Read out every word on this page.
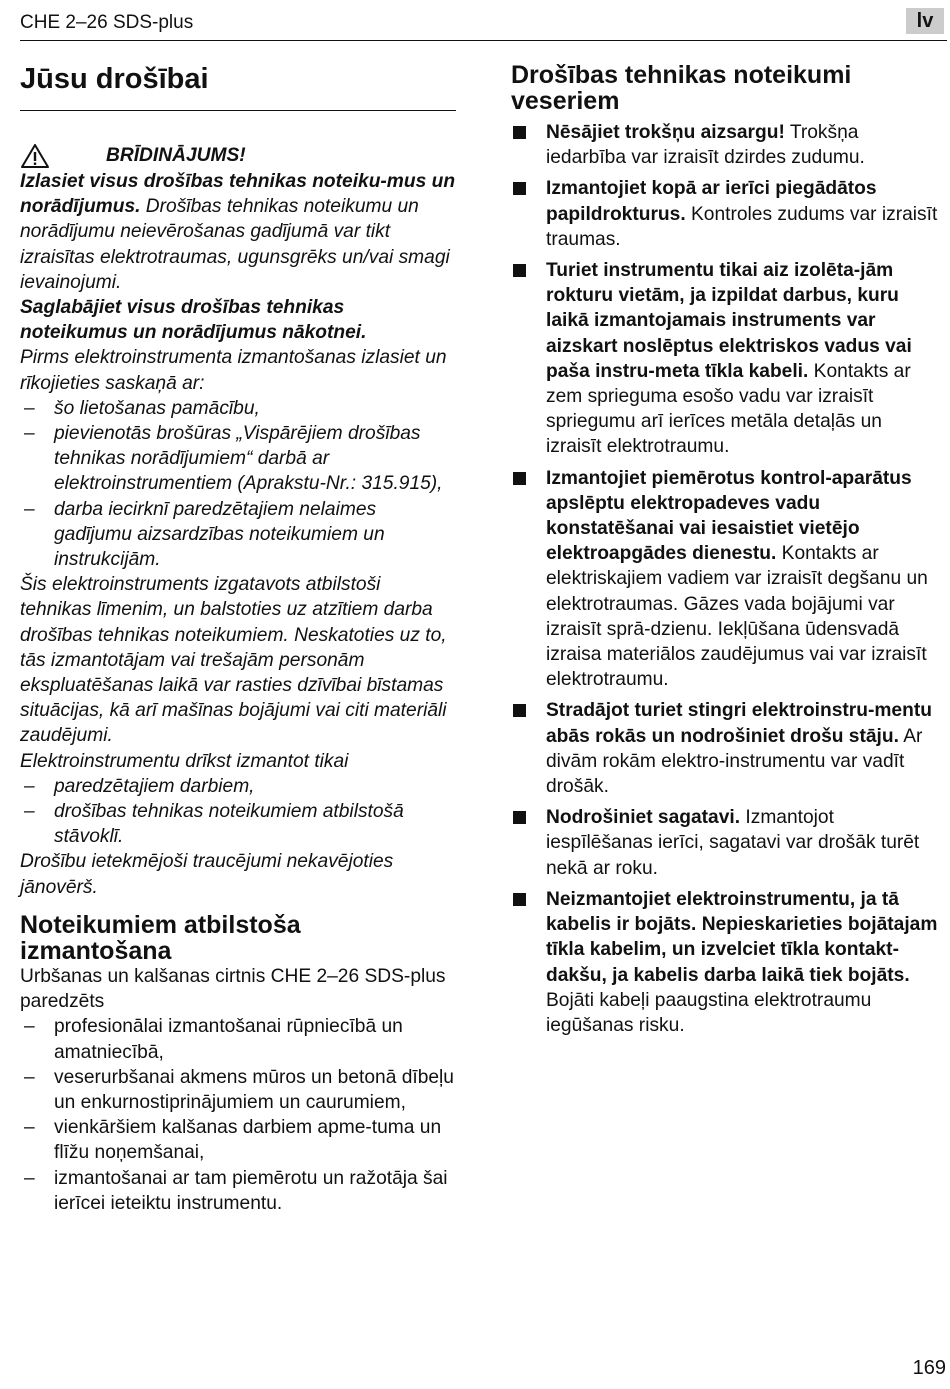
CHE 2–26 SDS-plus	lv
Jūsu drošībai
BRĪDINĀJUMS!

Izlasiet visus drošības tehnikas noteiku-mus un norādījumus. Drošības tehnikas noteikumu un norādījumu neievērošanas gadījumā var tikt izraisītas elektrotraumas, ugunsgrēks un/vai smagi ievainojumi.

Saglabājiet visus drošības tehnikas noteikumus un norādījumus nākotnei.

Pirms elektroinstrumenta izmantošanas izlasiet un rīkojieties saskaņā ar:

– šo lietošanas pamācību,
– pievienotās brošūras „Vispārējiem drošības tehnikas norādījumiem“ darbā ar elektroinstrumentiem (Aprakstu-Nr.: 315.915),
– darba iecirknī paredzētajiem nelaimes gadījumu aizsardzības noteikumiem un instrukcijām.

Šis elektroinstruments izgatavots atbilstoši tehnikas līmenim, un balstoties uz atzītiem darba drošības tehnikas noteikumiem. Neskatoties uz to, tās izmantotājam vai trešajām personām ekspluatēšanas laikā var rasties dzīvībai bīstamas situācijas, kā arī mašīnas bojājumi vai citi materiāli zaudējumi.

Elektroinstrumentu drīkst izmantot tikai

– paredzētajiem darbiem,
– drošības tehnikas noteikumiem atbilstošā stāvoklī.

Drošību ietekmējoši traucējumi nekavējoties jānovērš.

Noteikumiem atbilstoša izmantošana

Urbšanas un kalšanas cirtnis CHE 2–26 SDS-plus paredzēts

– profesionālai izmantošanai rūpniecībā un amatniecībā,
– veserurbšanai akmens mūros un betonā dībeļu un enkurnostiprinājumiem un caurumiem,
– vienkāršiem kalšanas darbiem apme-tuma un flīžu noņemšanai,
– izmantošanai ar tam piemērotu un ražotāja šai ierīcei ieteiktu instrumentu.
Drošības tehnikas noteikumi veseriem
Nēsājiet trokšņu aizsargu! Trokšņa iedarbība var izraisīt dzirdes zudumu.
Izmantojiet kopā ar ierīci piegādātos papildrokturus. Kontroles zudums var izraisīt traumas.
Turiet instrumentu tikai aiz izolēta-jām rokturu vietām, ja izpildat darbus, kuru laikā izmantojamais instruments var aizskart noslēptus elektriskos vadus vai paša instru-meta tīkla kabeli. Kontakts ar zem sprieguma esošo vadu var izraisīt spriegumu arī ierīces metāla detaļās un izraisīt elektrotraumu.
Izmantojiet piemērotus kontrol-aparātus apslēptu elektropadeves vadu konstatēšanai vai iesaistiet vietējo elektroapgādes dienestu. Kontakts ar elektriskajiem vadiem var izraisīt degšanu un elektrotraumas. Gāzes vada bojājumi var izraisīt sprā-dzienu. Iekļūšana ūdensvadā izraisa materiālos zaudējumus vai var izraisīt elektrotraumu.
Stradājot turiet stingri elektroinstru-mentu abās rokās un nodrošiniet drošu stāju. Ar divām rokām elektro-instrumentu var vadīt drošāk.
Nodrošiniet sagatavi. Izmantojot iespīlēšanas ierīci, sagatavi var drošāk turēt nekā ar roku.
Neizmantojiet elektroinstrumentu, ja tā kabelis ir bojāts. Nepieskarieties bojātajam tīkla kabelim, un izvelciet tīkla kontakt-dakšu, ja kabelis darba laikā tiek bojāts. Bojāti kabeļi paaugstina elektrotraumu iegūšanas risku.
169
